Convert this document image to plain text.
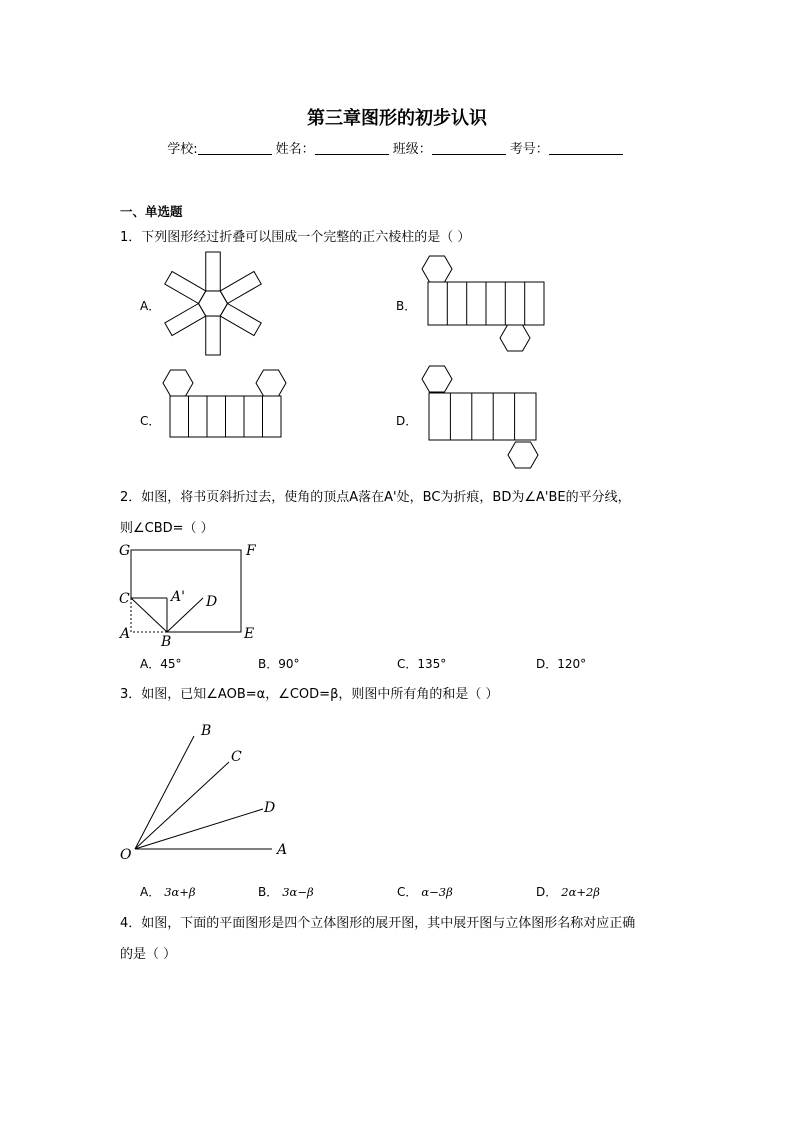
第三章图形的初步认识
学校:	姓名：	班级：	考号：
一、单选题
1．下列图形经过折叠可以围成一个完整的正六棱柱的是（ ）
A．	B．
C．	D．
2．如图，将书页斜折过去，使角的顶点A落在A'处，BC为折痕，BD为∠A'BE的平分线，
则∠CBD=（ ）
G	F
C	A' D
A B	E
A．45°	B．90°	C．135°	D．120°
3．如图，已知∠AOB=α，∠COD=β，则图中所有角的和是（ ）
B
C
D
O	A
A． 3α+β	B． 3α−β	C． α−3β	D． 2α+2β
4．如图，下面的平面图形是四个立体图形的展开图，其中展开图与立体图形名称对应正确
的是（ ）
